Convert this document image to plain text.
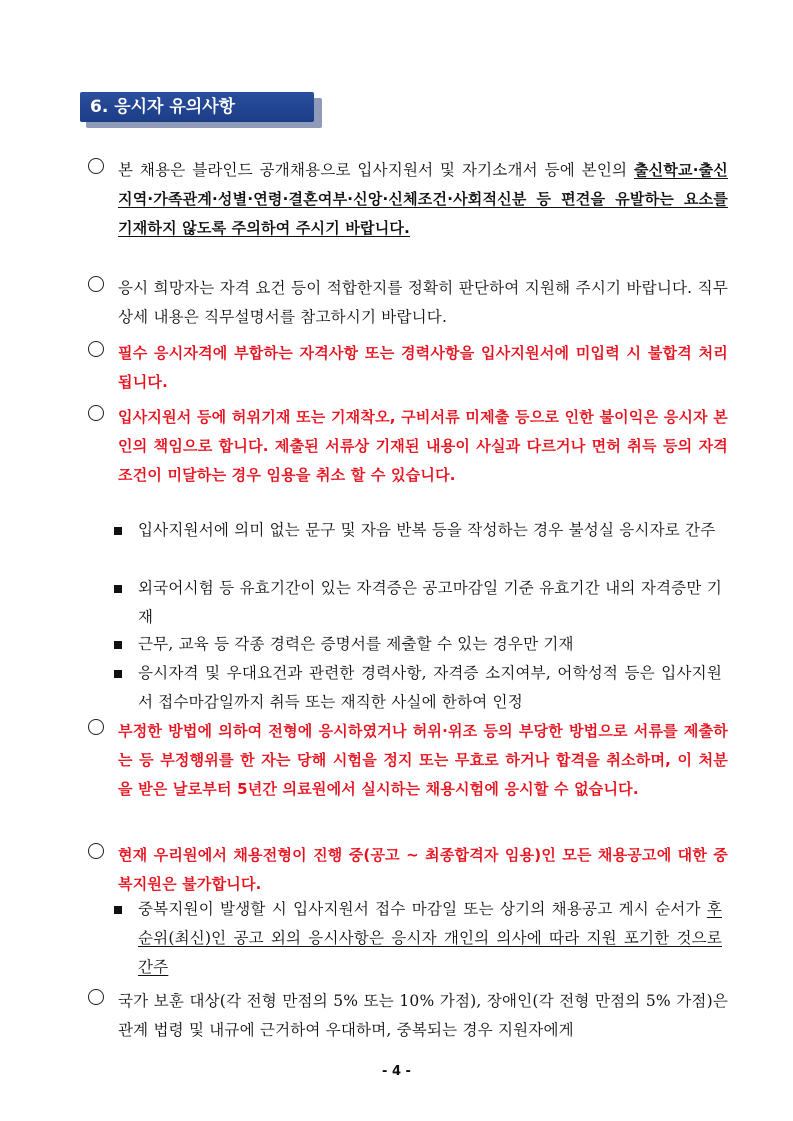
6. 응시자 유의사항
본 채용은 블라인드 공개채용으로 입사지원서 및 자기소개서 등에 본인의 출신학교·출신지역·가족관계·성별·연령·결혼여부·신앙·신체조건·사회적신분 등 편견을 유발하는 요소를 기재하지 않도록 주의하여 주시기 바랍니다.
응시 희망자는 자격 요건 등이 적합한지를 정확히 판단하여 지원해 주시기 바랍니다. 직무 상세 내용은 직무설명서를 참고하시기 바랍니다.
필수 응시자격에 부합하는 자격사항 또는 경력사항을 입사지원서에 미입력 시 불합격 처리됩니다.
입사지원서 등에 허위기재 또는 기재착오, 구비서류 미제출 등으로 인한 불이익은 응시자 본인의 책임으로 합니다. 제출된 서류상 기재된 내용이 사실과 다르거나 면허 취득 등의 자격 조건이 미달하는 경우 임용을 취소 할 수 있습니다.
입사지원서에 의미 없는 문구 및 자음 반복 등을 작성하는 경우 불성실 응시자로 간주
외국어시험 등 유효기간이 있는 자격증은 공고마감일 기준 유효기간 내의 자격증만 기재
근무, 교육 등 각종 경력은 증명서를 제출할 수 있는 경우만 기재
응시자격 및 우대요건과 관련한 경력사항, 자격증 소지여부, 어학성적 등은 입사지원서 접수마감일까지 취득 또는 재직한 사실에 한하여 인정
부정한 방법에 의하여 전형에 응시하였거나 허위·위조 등의 부당한 방법으로 서류를 제출하는 등 부정행위를 한 자는 당해 시험을 정지 또는 무효로 하거나 합격을 취소하며, 이 처분을 받은 날로부터 5년간 의료원에서 실시하는 채용시험에 응시할 수 없습니다.
현재 우리원에서 채용전형이 진행 중(공고 ~ 최종합격자 임용)인 모든 채용공고에 대한 중복지원은 불가합니다.
중복지원이 발생할 시 입사지원서 접수 마감일 또는 상기의 채용공고 게시 순서가 후순위(최신)인 공고 외의 응시사항은 응시자 개인의 의사에 따라 지원 포기한 것으로 간주
국가 보훈 대상(각 전형 만점의 5% 또는 10% 가점), 장애인(각 전형 만점의 5% 가점)은 관계 법령 및 내규에 근거하여 우대하며, 중복되는 경우 지원자에게
- 4 -
